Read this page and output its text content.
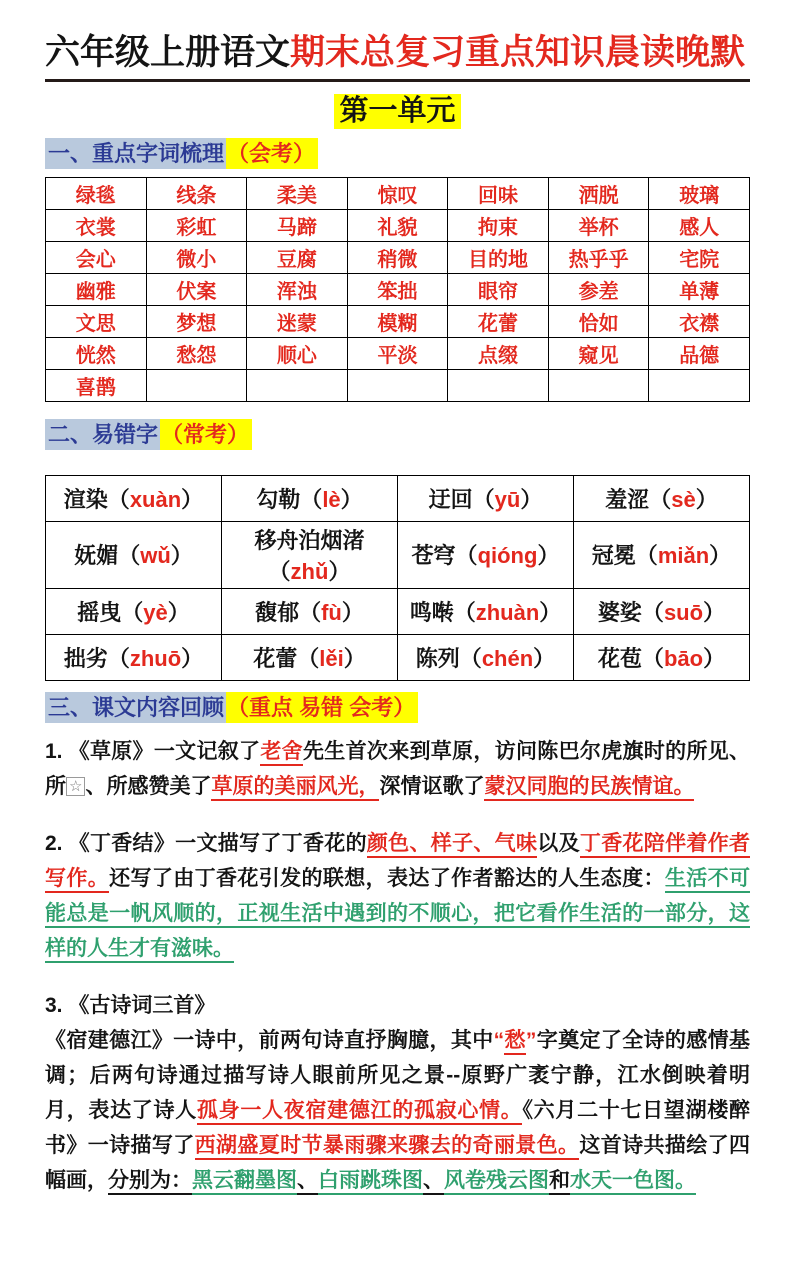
六年级上册语文期末总复习重点知识晨读晚默
第一单元
一、重点字词梳理 （会考）
绿毯	线条	柔美	惊叹	回味	洒脱	玻璃
衣裳	彩虹	马蹄	礼貌	拘束	举杯	感人
会心	微小	豆腐	稍微	目的地	热乎乎	宅院
幽雅	伏案	浑浊	笨拙	眼帘	参差	单薄
文思	梦想	迷蒙	模糊	花蕾	恰如	衣襟
恍然	愁怨	顺心	平淡	点缀	窥见	品德
喜鹊						
二、易错字 （常考）
渲染（xuàn）	勾勒（lè）	迂回（yū）	羞涩（sè）
妩媚（wǔ）	移舟泊烟渚（zhǔ）	苍穹（qióng）	冠冕（miǎn）
摇曳（yè）	馥郁（fù）	鸣啭（zhuàn）	婆娑（suō）
拙劣（zhuō）	花蕾（lěi）	陈列（chén）	花苞（bāo）
三、课文内容回顾 （重点 易错 会考）
1. 《草原》一文记叙了老舍先生首次来到草原，访问陈巴尔虎旗时的所见、所 ☆ 、所感赞美了草原的美丽风光，深情讴歌了蒙汉同胞的民族情谊。
2. 《丁香结》一文描写了丁香花的颜色、样子、气味以及丁香花陪伴着作者写作。还写了由丁香花引发的联想，表达了作者豁达的人生态度：生活不可能总是一帆风顺的，正视生活中遇到的不顺心，把它看作生活的一部分，这样的人生才有滋味。
3. 《古诗词三首》
《宿建德江》一诗中，前两句诗直抒胸臆，其中“愁”字奠定了全诗的感情基调；后两句诗通过描写诗人眼前所见之景--原野广袤宁静，江水倒映着明月，表达了诗人孤身一人夜宿建德江的孤寂心情。《六月二十七日望湖楼醉书》一诗描写了西湖盛夏时节暴雨骤来骤去的奇丽景色。这首诗共描绘了四幅画，分别为：黑云翻墨图、白雨跳珠图、风卷残云图和水天一色图。
